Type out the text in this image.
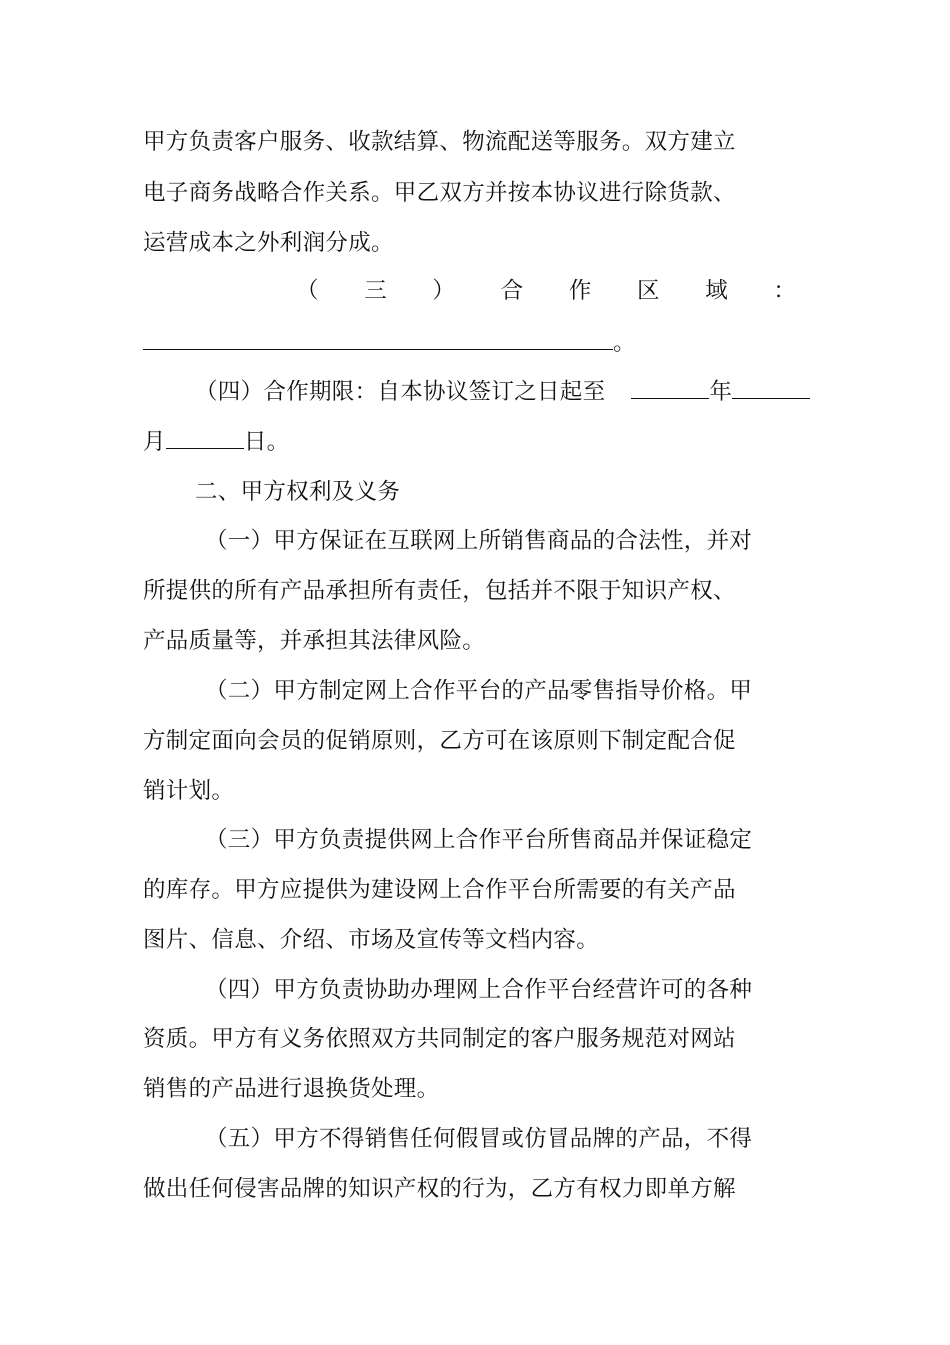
甲方负责客户服务、收款结算、物流配送等服务。双方建立
电子商务战略合作关系。甲乙双方并按本协议进行除货款、
运营成本之外利润分成。
（ 三 ） 合 作 区 域 ：
。
（四）合作期限：自本协议签订之日起至	年
月	日。
二、甲方权利及义务
（一）甲方保证在互联网上所销售商品的合法性，并对
所提供的所有产品承担所有责任，包括并不限于知识产权、
产品质量等，并承担其法律风险。
（二）甲方制定网上合作平台的产品零售指导价格。甲
方制定面向会员的促销原则，乙方可在该原则下制定配合促
销计划。
（三）甲方负责提供网上合作平台所售商品并保证稳定
的库存。甲方应提供为建设网上合作平台所需要的有关产品
图片、信息、介绍、市场及宣传等文档内容。
（四）甲方负责协助办理网上合作平台经营许可的各种
资质。甲方有义务依照双方共同制定的客户服务规范对网站
销售的产品进行退换货处理。
（五）甲方不得销售任何假冒或仿冒品牌的产品，不得
做出任何侵害品牌的知识产权的行为，乙方有权力即单方解
